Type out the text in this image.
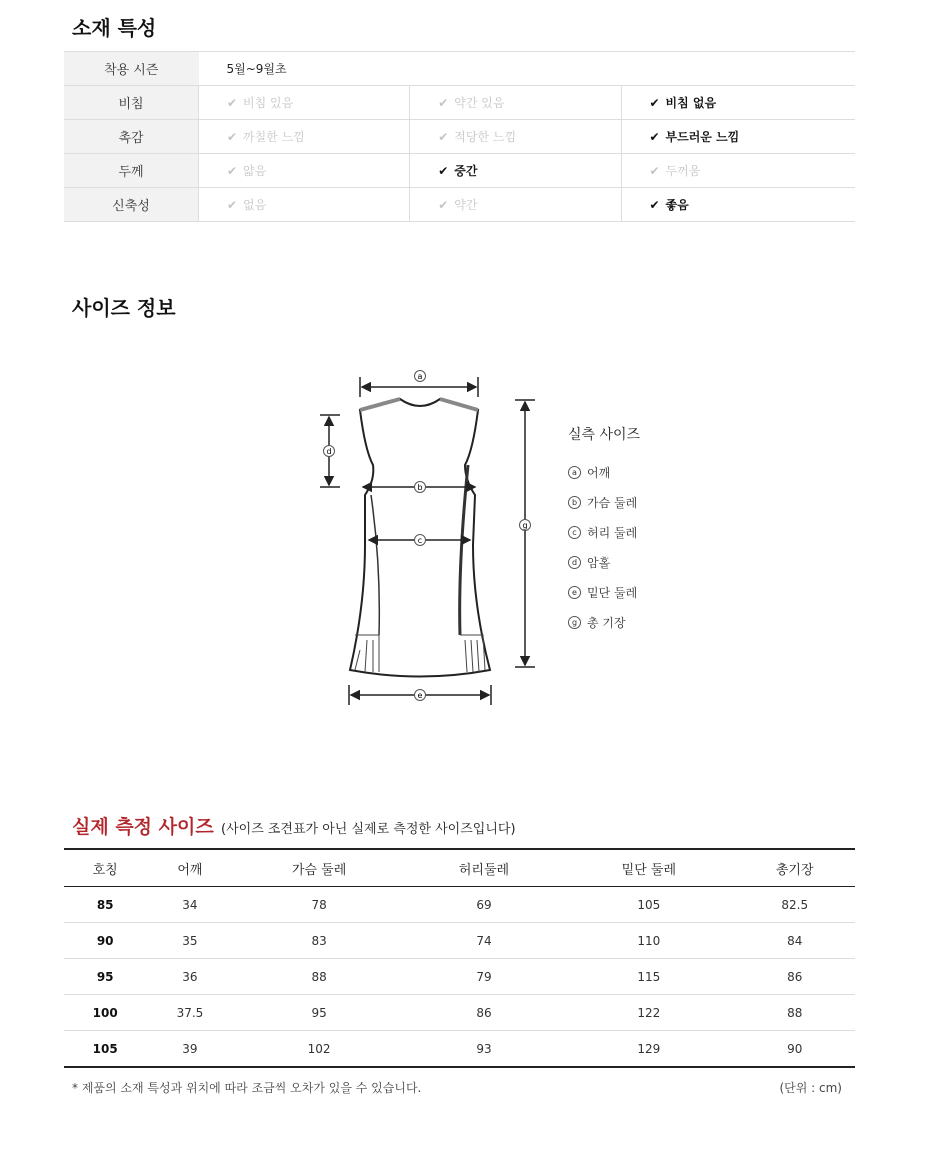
소재 특성
착용 시즌	5월~9월초		
비침	✔ 비침 있음	✔ 약간 있음	✔ 비침 없음
촉감	✔ 까칠한 느낌	✔ 적당한 느낌	✔ 부드러운 느낌
두께	✔ 얇음	✔ 중간	✔ 두꺼움
신축성	✔ 없음	✔ 약간	✔ 좋음
사이즈 정보
a
d
b
c
g
e
실측 사이즈
a 어깨
b 가슴 둘레
c 허리 둘레
d 암홀
e 밑단 둘레
g 총 기장
실제 측정 사이즈 (사이즈 조견표가 아닌 실제로 측정한 사이즈입니다)
호칭	어깨	가슴 둘레	허리둘레	밑단 둘레	총기장
85	34	78	69	105	82.5
90	35	83	74	110	84
95	36	88	79	115	86
100	37.5	95	86	122	88
105	39	102	93	129	90
* 제품의 소재 특성과 위치에 따라 조금씩 오차가 있을 수 있습니다.	(단위 : cm)
